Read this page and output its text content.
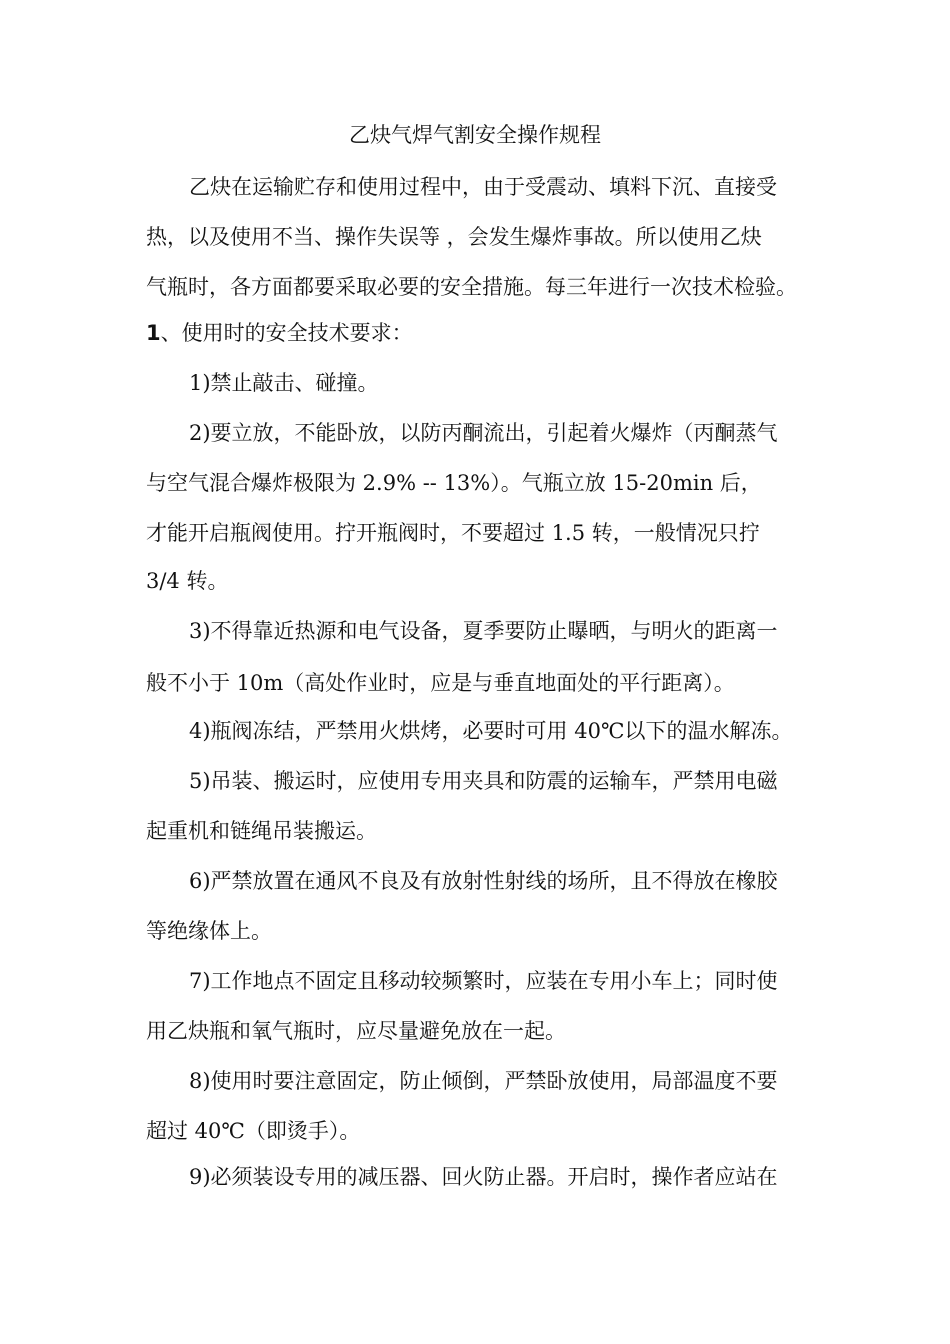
乙炔气焊气割安全操作规程
乙炔在运输贮存和使用过程中，由于受震动、填料下沉、直接受
热，以及使用不当、操作失误等 ，会发生爆炸事故。所以使用乙炔
气瓶时，各方面都要采取必要的安全措施。每三年进行一次技术检验。
1、使用时的安全技术要求：
1)禁止敲击、碰撞。
2)要立放，不能卧放，以防丙酮流出，引起着火爆炸（丙酮蒸气
与空气混合爆炸极限为 2.9% -- 13%）。气瓶立放 15-20min 后，
才能开启瓶阀使用。拧开瓶阀时，不要超过 1.5 转，一般情况只拧
3/4 转。
3)不得靠近热源和电气设备，夏季要防止曝晒，与明火的距离一
般不小于 10m（高处作业时，应是与垂直地面处的平行距离）。
4)瓶阀冻结，严禁用火烘烤，必要时可用 40℃以下的温水解冻。
5)吊装、搬运时，应使用专用夹具和防震的运输车，严禁用电磁
起重机和链绳吊装搬运。
6)严禁放置在通风不良及有放射性射线的场所，且不得放在橡胶
等绝缘体上。
7)工作地点不固定且移动较频繁时，应装在专用小车上；同时使
用乙炔瓶和氧气瓶时，应尽量避免放在一起。
8)使用时要注意固定，防止倾倒，严禁卧放使用，局部温度不要
超过 40℃（即烫手）。
9)必须装设专用的减压器、回火防止器。开启时，操作者应站在
